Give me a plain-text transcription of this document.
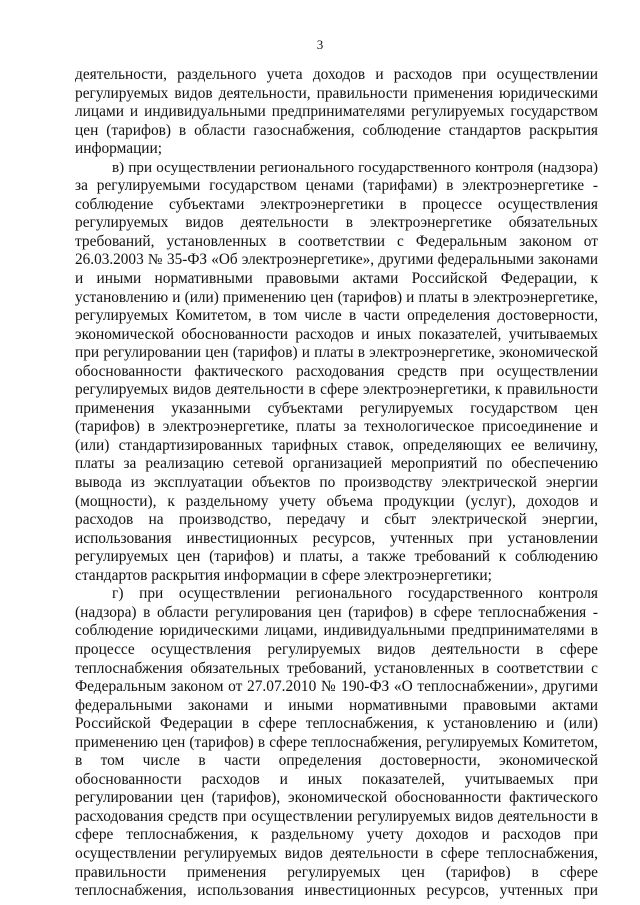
3
деятельности, раздельного учета доходов и расходов при осуществлении
регулируемых видов деятельности, правильности применения юридическими
лицами и индивидуальными предпринимателями регулируемых государством
цен (тарифов) в области газоснабжения, соблюдение стандартов раскрытия
информации;
в) при осуществлении регионального государственного контроля (надзора)
за регулируемыми государством ценами (тарифами) в электроэнергетике -
соблюдение субъектами электроэнергетики в процессе осуществления
регулируемых видов деятельности в электроэнергетике обязательных
требований, установленных в соответствии с Федеральным законом от
26.03.2003 № 35-ФЗ «Об электроэнергетике», другими федеральными законами
и иными нормативными правовыми актами Российской Федерации, к
установлению и (или) применению цен (тарифов) и платы в электроэнергетике,
регулируемых Комитетом, в том числе в части определения достоверности,
экономической обоснованности расходов и иных показателей, учитываемых
при регулировании цен (тарифов) и платы в электроэнергетике, экономической
обоснованности фактического расходования средств при осуществлении
регулируемых видов деятельности в сфере электроэнергетики, к правильности
применения указанными субъектами регулируемых государством цен
(тарифов) в электроэнергетике, платы за технологическое присоединение и
(или) стандартизированных тарифных ставок, определяющих ее величину,
платы за реализацию сетевой организацией мероприятий по обеспечению
вывода из эксплуатации объектов по производству электрической энергии
(мощности), к раздельному учету объема продукции (услуг), доходов и
расходов на производство, передачу и сбыт электрической энергии,
использования инвестиционных ресурсов, учтенных при установлении
регулируемых цен (тарифов) и платы, а также требований к соблюдению
стандартов раскрытия информации в сфере электроэнергетики;
г) при осуществлении регионального государственного контроля
(надзора) в области регулирования цен (тарифов) в сфере теплоснабжения -
соблюдение юридическими лицами, индивидуальными предпринимателями в
процессе осуществления регулируемых видов деятельности в сфере
теплоснабжения обязательных требований, установленных в соответствии с
Федеральным законом от 27.07.2010 № 190-ФЗ «О теплоснабжении», другими
федеральными законами и иными нормативными правовыми актами
Российской Федерации в сфере теплоснабжения, к установлению и (или)
применению цен (тарифов) в сфере теплоснабжения, регулируемых Комитетом,
в том числе в части определения достоверности, экономической
обоснованности расходов и иных показателей, учитываемых при
регулировании цен (тарифов), экономической обоснованности фактического
расходования средств при осуществлении регулируемых видов деятельности в
сфере теплоснабжения, к раздельному учету доходов и расходов при
осуществлении регулируемых видов деятельности в сфере теплоснабжения,
правильности применения регулируемых цен (тарифов) в сфере
теплоснабжения, использования инвестиционных ресурсов, учтенных при
